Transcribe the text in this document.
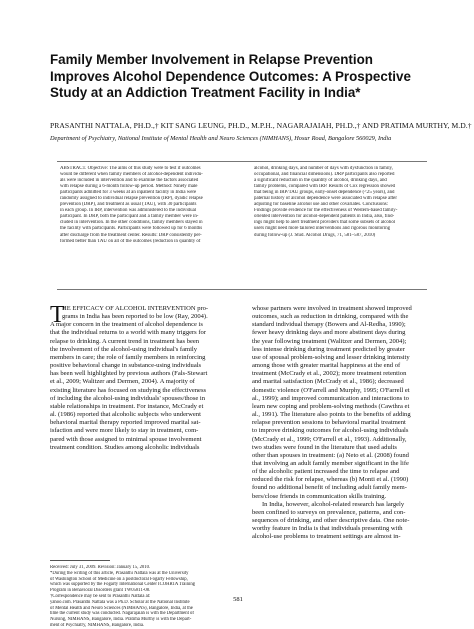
Family Member Involvement in Relapse Prevention
Improves Alcohol Dependence Outcomes: A Prospective
Study at an Addiction Treatment Facility in India*
PRASANTHI NATTALA, PH.D.,† KIT SANG LEUNG, PH.D., M.P.H., NAGARAJAIAH, PH.D.,† AND PRATIMA MURTHY, M.D.†
Department of Psychiatry, National Institute of Mental Health and Neuro Sciences (NIMHANS), Hosur Road, Bangalore 560029, India
ABSTRACT. Objective: The aims of this study were to test if outcomes
would be different when family members of alcohol-dependent individu-
als were included in intervention and to examine the factors associated
with relapse during a 6-month follow-up period. Method: Ninety male
participants admitted for 3 weeks at an inpatient facility in India were
randomly assigned to individual relapse prevention (IRP), dyadic relapse
prevention (DRP), and treatment as usual (TAU), with 30 participants
in each group. In IRP, intervention was administered to the individual
participant. In DRP, both the participant and a family member were in-
cluded in intervention. In the other conditions, family members stayed in
the facility with participants. Participants were followed up for 6 months
after discharge from the treatment center. Results: DRP consistently per-
formed better than TAU on all of the outcomes (reduction in quantity of
alcohol, drinking days, and number of days with dysfunction in family,
occupational, and financial dimensions). DRP participants also reported
a significant reduction in the quantity of alcohol, drinking days, and
family problems, compared with IRP. Results of Cox regression showed
that being in IRP/TAU groups, early-onset dependence (<25 years), and
paternal history of alcohol dependence were associated with relapse after
adjusting for baseline alcohol use and other covariates. Conclusions:
Findings provide evidence for the effectiveness of Western-based family-
oriented intervention for alcohol-dependent patients in India, also, find-
ings might help to alert treatment providers that some subsets of alcohol
users might need more tailored interventions and rigorous monitoring
during follow-up (J. Stud. Alcohol Drugs, 71, 581–587, 2010)
T
HE EFFICACY OF ALCOHOL INTERVENTION pro-
grams in India has been reported to be low (Ray, 2004).
A major concern in the treatment of alcohol dependence is
that the individual returns to a world with many triggers for
relapse to drinking. A current trend in treatment has been
the involvement of the alcohol-using individual's family
members in care; the role of family members in reinforcing
positive behavioral change in substance-using individuals
has been well highlighted by previous authors (Fals-Stewart
et al., 2009; Walitzer and Dermen, 2004). A majority of
existing literature has focused on studying the effectiveness
of including the alcohol-using individuals' spouses/those in
stable relationships in treatment. For instance, McCrady et
al. (1986) reported that alcoholic subjects who underwent
behavioral marital therapy reported improved marital sat-
isfaction and were more likely to stay in treatment, com-
pared with those assigned to minimal spouse involvement
treatment condition. Studies among alcoholic individuals
whose partners were involved in treatment showed improved
outcomes, such as reduction in drinking, compared with the
standard individual therapy (Bowers and Al-Redha, 1990);
fewer heavy drinking days and more abstinent days during
the year following treatment (Walitzer and Dermen, 2004);
less intense drinking during treatment predicted by greater
use of spousal problem-solving and lesser drinking intensity
among those with greater marital happiness at the end of
treatment (McCrady et al., 2002); more treatment retention
and marital satisfaction (McCrady et al., 1986); decreased
domestic violence (O'Farrell and Murphy, 1995; O'Farrell et
al., 1999); and improved communication and interactions to
learn new coping and problem-solving methods (Cawthra et
al., 1991). The literature also points to the benefits of adding
relapse prevention sessions to behavioral marital treatment
to improve drinking outcomes for alcohol-using individuals
(McCrady et al., 1999; O'Farrell et al., 1993). Additionally,
two studies were found in the literature that used adults
other than spouses in treatment: (a) Neto et al. (2008) found
that involving an adult family member significant in the life
of the alcoholic patient increased the time to relapse and
reduced the risk for relapse, whereas (b) Monti et al. (1990)
found no additional benefit of including adult family mem-
bers/close friends in communication skills training.
In India, however, alcohol-related research has largely
been confined to surveys on prevalence, patterns, and con-
sequences of drinking, and other descriptive data. One note-
worthy feature in India is that individuals presenting with
alcohol-use problems to treatment settings are almost in-
Received: July 31, 2009. Revision: January 15, 2010.
*During the writing of this article, Prasanthi Nattala was at the University
of Washington School of Medicine on a postdoctoral Fogarty Fellowship,
which was supported by the Fogarty International Center ICOHRTA Training
Program in Behavioral Disorders grant TW05811-08.
†Correspondence may be sent to Prasanthi Nattala at:
yahoo.com. Prasanthi Nattala was a Ph.D. Scholar at the National Institute
of Mental Health and Neuro Sciences (NIMHANS), Bangalore, India, at the
time the current study was conducted. Nagarajaiah is with the Department of
Nursing, NIMHANS, Bangalore, India. Pratima Murthy is with the Depart-
ment of Psychiatry, NIMHANS, Bangalore, India.
581
